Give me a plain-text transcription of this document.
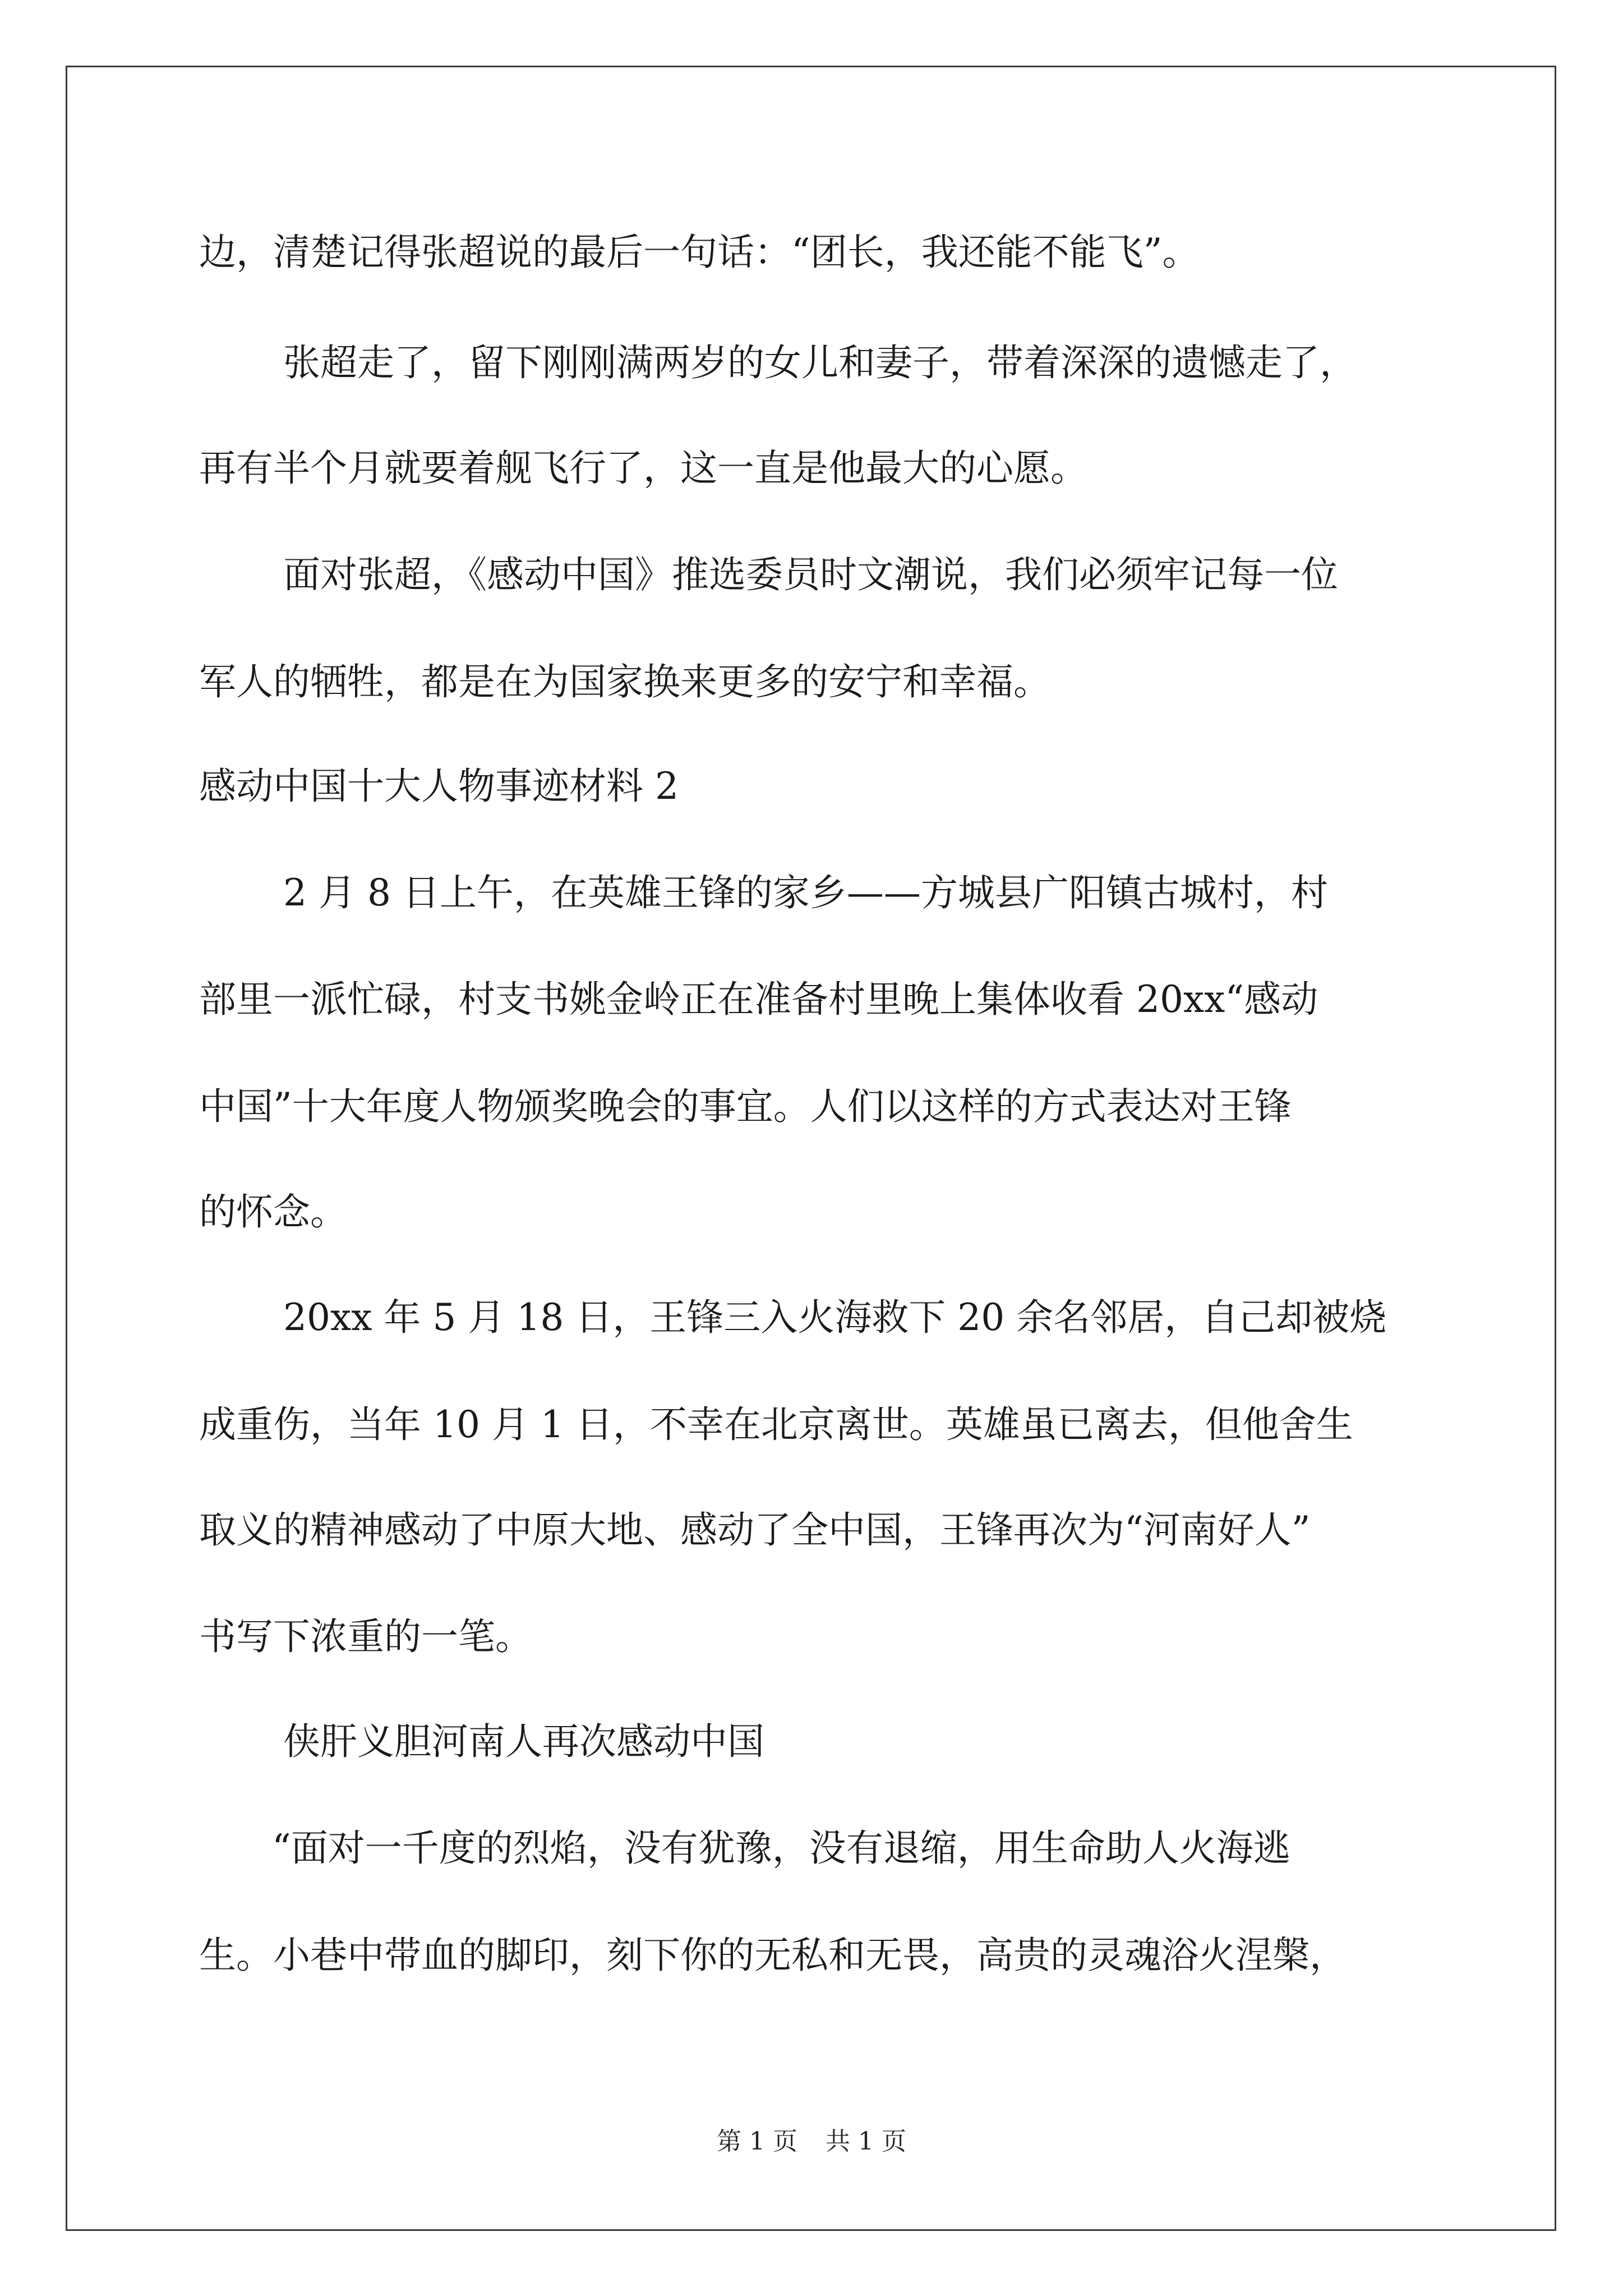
边，清楚记得张超说的最后一句话：“团长，我还能不能飞”。
张超走了，留下刚刚满两岁的女儿和妻子，带着深深的遗憾走了，
再有半个月就要着舰飞行了，这一直是他最大的心愿。
面对张超，《感动中国》推选委员时文潮说，我们必须牢记每一位
军人的牺牲，都是在为国家换来更多的安宁和幸福。
感动中国十大人物事迹材料 2
2 月 8 日上午，在英雄王锋的家乡——方城县广阳镇古城村，村
部里一派忙碌，村支书姚金岭正在准备村里晚上集体收看 20xx“感动
中国”十大年度人物颁奖晚会的事宜。人们以这样的方式表达对王锋
的怀念。
20xx 年 5 月 18 日，王锋三入火海救下 20 余名邻居，自己却被烧
成重伤，当年 10 月 1 日，不幸在北京离世。英雄虽已离去，但他舍生
取义的精神感动了中原大地、感动了全中国，王锋再次为“河南好人”
书写下浓重的一笔。
侠肝义胆河南人再次感动中国
“面对一千度的烈焰，没有犹豫，没有退缩，用生命助人火海逃
生。小巷中带血的脚印，刻下你的无私和无畏，高贵的灵魂浴火涅槃，
第 1 页 共 1 页
